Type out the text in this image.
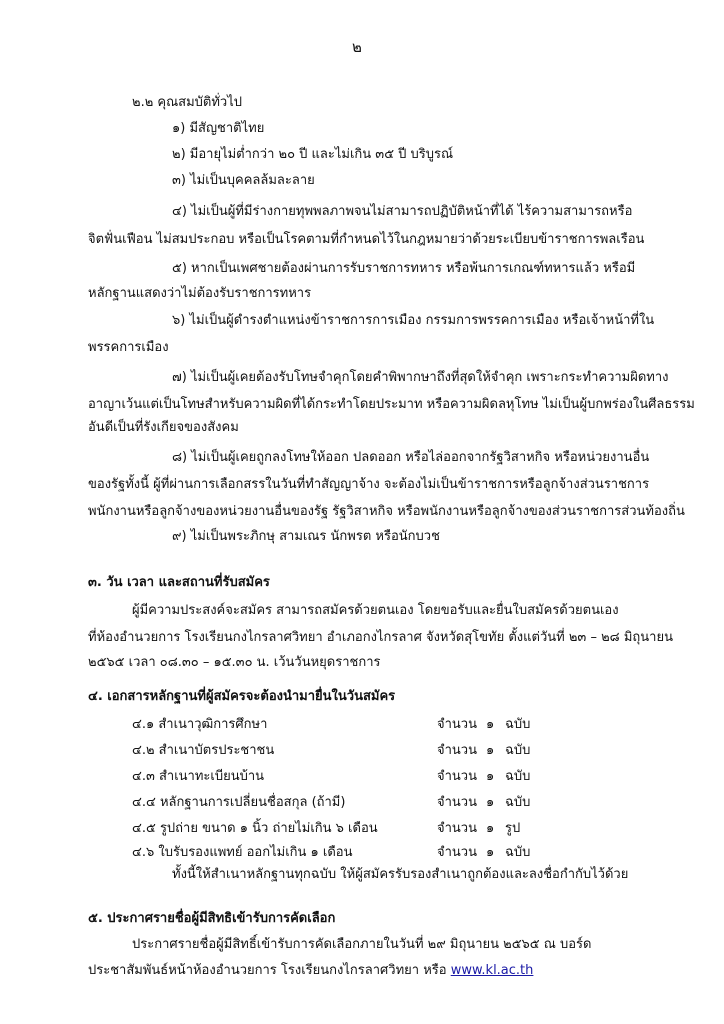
๒
๒.๒ คุณสมบัติทั่วไป
๑) มีสัญชาติไทย
๒) มีอายุไม่ต่ำกว่า ๒๐ ปี และไม่เกิน ๓๕ ปี บริบูรณ์
๓) ไม่เป็นบุคคลล้มละลาย
๔) ไม่เป็นผู้ที่มีร่างกายทุพพลภาพจนไม่สามารถปฏิบัติหน้าที่ได้ ไร้ความสามารถหรือ
จิตฟั่นเฟือน ไม่สมประกอบ หรือเป็นโรคตามที่กำหนดไว้ในกฎหมายว่าด้วยระเบียบข้าราชการพลเรือน
๕) หากเป็นเพศชายต้องผ่านการรับราชการทหาร หรือพ้นการเกณฑ์ทหารแล้ว หรือมี
หลักฐานแสดงว่าไม่ต้องรับราชการทหาร
๖) ไม่เป็นผู้ดำรงตำแหน่งข้าราชการการเมือง กรรมการพรรคการเมือง หรือเจ้าหน้าที่ใน
พรรคการเมือง
๗) ไม่เป็นผู้เคยต้องรับโทษจำคุกโดยคำพิพากษาถึงที่สุดให้จำคุก เพราะกระทำความผิดทาง
อาญาเว้นแต่เป็นโทษสำหรับความผิดที่ได้กระทำโดยประมาท หรือความผิดลหุโทษ ไม่เป็นผู้บกพร่องในศีลธรรม
อันดีเป็นที่รังเกียจของสังคม
๘) ไม่เป็นผู้เคยถูกลงโทษให้ออก ปลดออก หรือไล่ออกจากรัฐวิสาหกิจ หรือหน่วยงานอื่น
ของรัฐทั้งนี้ ผู้ที่ผ่านการเลือกสรรในวันที่ทำสัญญาจ้าง จะต้องไม่เป็นข้าราชการหรือลูกจ้างส่วนราชการ
พนักงานหรือลูกจ้างของหน่วยงานอื่นของรัฐ รัฐวิสาหกิจ หรือพนักงานหรือลูกจ้างของส่วนราชการส่วนท้องถิ่น
๙) ไม่เป็นพระภิกษุ สามเณร นักพรต หรือนักบวช
๓. วัน เวลา และสถานที่รับสมัคร
ผู้มีความประสงค์จะสมัคร สามารถสมัครด้วยตนเอง โดยขอรับและยื่นใบสมัครด้วยตนเอง
ที่ห้องอำนวยการ โรงเรียนกงไกรลาศวิทยา อำเภอกงไกรลาศ จังหวัดสุโขทัย ตั้งแต่วันที่ ๒๓ – ๒๘ มิถุนายน
๒๕๖๕ เวลา ๐๘.๓๐ – ๑๕.๓๐ น. เว้นวันหยุดราชการ
๔. เอกสารหลักฐานที่ผู้สมัครจะต้องนำมายื่นในวันสมัคร
๔.๑ สำเนาวุฒิการศึกษา	จำนวน ๑ ฉบับ
๔.๒ สำเนาบัตรประชาชน	จำนวน ๑ ฉบับ
๔.๓ สำเนาทะเบียนบ้าน	จำนวน ๑ ฉบับ
๔.๔ หลักฐานการเปลี่ยนชื่อสกุล (ถ้ามี)	จำนวน ๑ ฉบับ
๔.๕ รูปถ่าย ขนาด ๑ นิ้ว ถ่ายไม่เกิน ๖ เดือน	จำนวน ๑ รูป
๔.๖ ใบรับรองแพทย์ ออกไม่เกิน ๑ เดือน	จำนวน ๑ ฉบับ
ทั้งนี้ให้สำเนาหลักฐานทุกฉบับ ให้ผู้สมัครรับรองสำเนาถูกต้องและลงชื่อกำกับไว้ด้วย
๕. ประกาศรายชื่อผู้มีสิทธิเข้ารับการคัดเลือก
ประกาศรายชื่อผู้มีสิทธิ์เข้ารับการคัดเลือกภายในวันที่ ๒๙ มิถุนายน ๒๕๖๕ ณ บอร์ด
ประชาสัมพันธ์หน้าห้องอำนวยการ โรงเรียนกงไกรลาศวิทยา หรือ www.kl.ac.th
